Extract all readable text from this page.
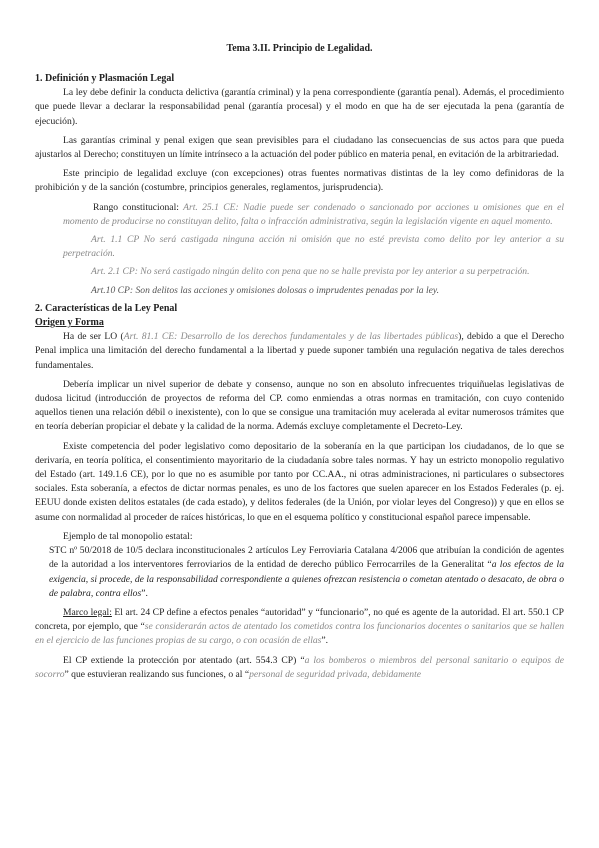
Tema 3.II. Principio de Legalidad.
1. Definición y Plasmación Legal

La ley debe definir la conducta delictiva (garantía criminal) y la pena correspondiente (garantía penal). Además, el procedimiento que puede llevar a declarar la responsabilidad penal (garantía procesal) y el modo en que ha de ser ejecutada la pena (garantía de ejecución).

Las garantías criminal y penal exigen que sean previsibles para el ciudadano las consecuencias de sus actos para que pueda ajustarlos al Derecho; constituyen un límite intrínseco a la actuación del poder público en materia penal, en evitación de la arbitrariedad.

Este principio de legalidad excluye (con excepciones) otras fuentes normativas distintas de la ley como definidoras de la prohibición y de la sanción (costumbre, principios generales, reglamentos, jurisprudencia).

Rango constitucional: Art. 25.1 CE: Nadie puede ser condenado o sancionado por acciones u omisiones que en el momento de producirse no constituyan delito, falta o infracción administrativa, según la legislación vigente en aquel momento.

Art. 1.1 CP No será castigada ninguna acción ni omisión que no esté prevista como delito por ley anterior a su perpetración.

Art. 2.1 CP: No será castigado ningún delito con pena que no se halle prevista por ley anterior a su perpetración.

Art.10 CP: Son delitos las acciones y omisiones dolosas o imprudentes penadas por la ley.

2. Características de la Ley Penal
Origen y Forma

Ha de ser LO (Art. 81.1 CE: Desarrollo de los derechos fundamentales y de las libertades públicas), debido a que el Derecho Penal implica una limitación del derecho fundamental a la libertad y puede suponer también una regulación negativa de tales derechos fundamentales.

Debería implicar un nivel superior de debate y consenso, aunque no son en absoluto infrecuentes triquiñuelas legislativas de dudosa licitud (introducción de proyectos de reforma del CP. como enmiendas a otras normas en tramitación, con cuyo contenido aquellos tienen una relación débil o inexistente), con lo que se consigue una tramitación muy acelerada al evitar numerosos trámites que en teoría deberían propiciar el debate y la calidad de la norma. Además excluye completamente el Decreto-Ley.

Existe competencia del poder legislativo como depositario de la soberanía en la que participan los ciudadanos, de lo que se derivaría, en teoría política, el consentimiento mayoritario de la ciudadanía sobre tales normas. Y hay un estricto monopolio regulativo del Estado (art. 149.1.6 CE), por lo que no es asumible por tanto por CC.AA., ni otras administraciones, ni particulares o subsectores sociales. Esta soberanía, a efectos de dictar normas penales, es uno de los factores que suelen aparecer en los Estados Federales (p. ej. EEUU donde existen delitos estatales (de cada estado), y delitos federales (de la Unión, por violar leyes del Congreso)) y que en ellos se asume con normalidad al proceder de raíces históricas, lo que en el esquema político y constitucional español parece impensable.

Ejemplo de tal monopolio estatal:

STC nº 50/2018 de 10/5 declara inconstitucionales 2 artículos Ley Ferroviaria Catalana 4/2006 que atribuían la condición de agentes de la autoridad a los interventores ferroviarios de la entidad de derecho público Ferrocarriles de la Generalitat “a los efectos de la exigencia, si procede, de la responsabilidad correspondiente a quienes ofrezcan resistencia o cometan atentado o desacato, de obra o de palabra, contra ellos”.

Marco legal: El art. 24 CP define a efectos penales “autoridad” y “funcionario”, no qué es agente de la autoridad. El art. 550.1 CP concreta, por ejemplo, que “se considerarán actos de atentado los cometidos contra los funcionarios docentes o sanitarios que se hallen en el ejercicio de las funciones propias de su cargo, o con ocasión de ellas”.

El CP extiende la protección por atentado (art. 554.3 CP) “a los bomberos o miembros del personal sanitario o equipos de socorro” que estuvieran realizando sus funciones, o al “personal de seguridad privada, debidamente
